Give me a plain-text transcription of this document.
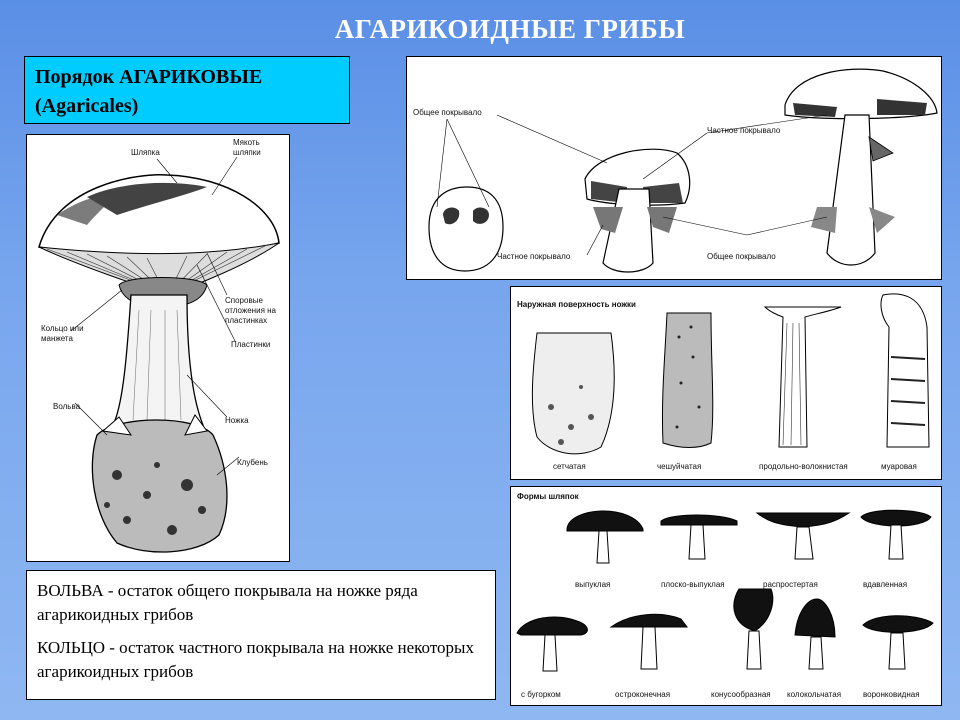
АГАРИКОИДНЫЕ ГРИБЫ
Порядок АГАРИКОВЫЕ
(Agaricales)
Шляпка
Мякоть
шляпки
Споровые
отложения на
пластинках
Пластинки
Кольцо или
манжета
Вольва
Ножка
Клубень
Общее покрывало
Частное покрывало
Частное покрывало	Общее покрывало
Наружная поверхность ножки
сетчатая	чешуйчатая	продольно-волокнистая	муаровая
Формы шляпок
выпуклая	плоско-выпуклая	распростертая	вдавленная
с бугорком	остроконечная	конусообразная колокольчатая	воронковидная

ВОЛЬВА - остаток общего покрывала на ножке ряда агарикоидных грибов

КОЛЬЦО - остаток частного покрывала на ножке некоторых агарикоидных грибов
